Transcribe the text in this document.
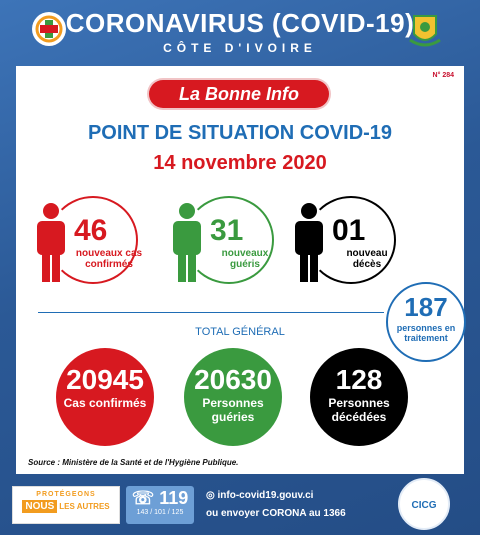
CORONAVIRUS (COVID-19)
CÔTE D'IVOIRE
N° 284
La Bonne Info
POINT DE SITUATION COVID-19
14 novembre 2020
46
nouveaux cas confirmés
31
nouveaux guéris
01
nouveau décès
187
personnes en traitement
TOTAL GÉNÉRAL
20945
Cas confirmés
20630
Personnes guéries
128
Personnes décédées
Source : Ministère de la Santé et de l'Hygiène Publique.
PROTÉGEONS
NOUS LES AUTRES	☏ 119
143 / 101 / 125
◎ info-covid19.gouv.ci
ou envoyer CORONA au 1366
CICG
